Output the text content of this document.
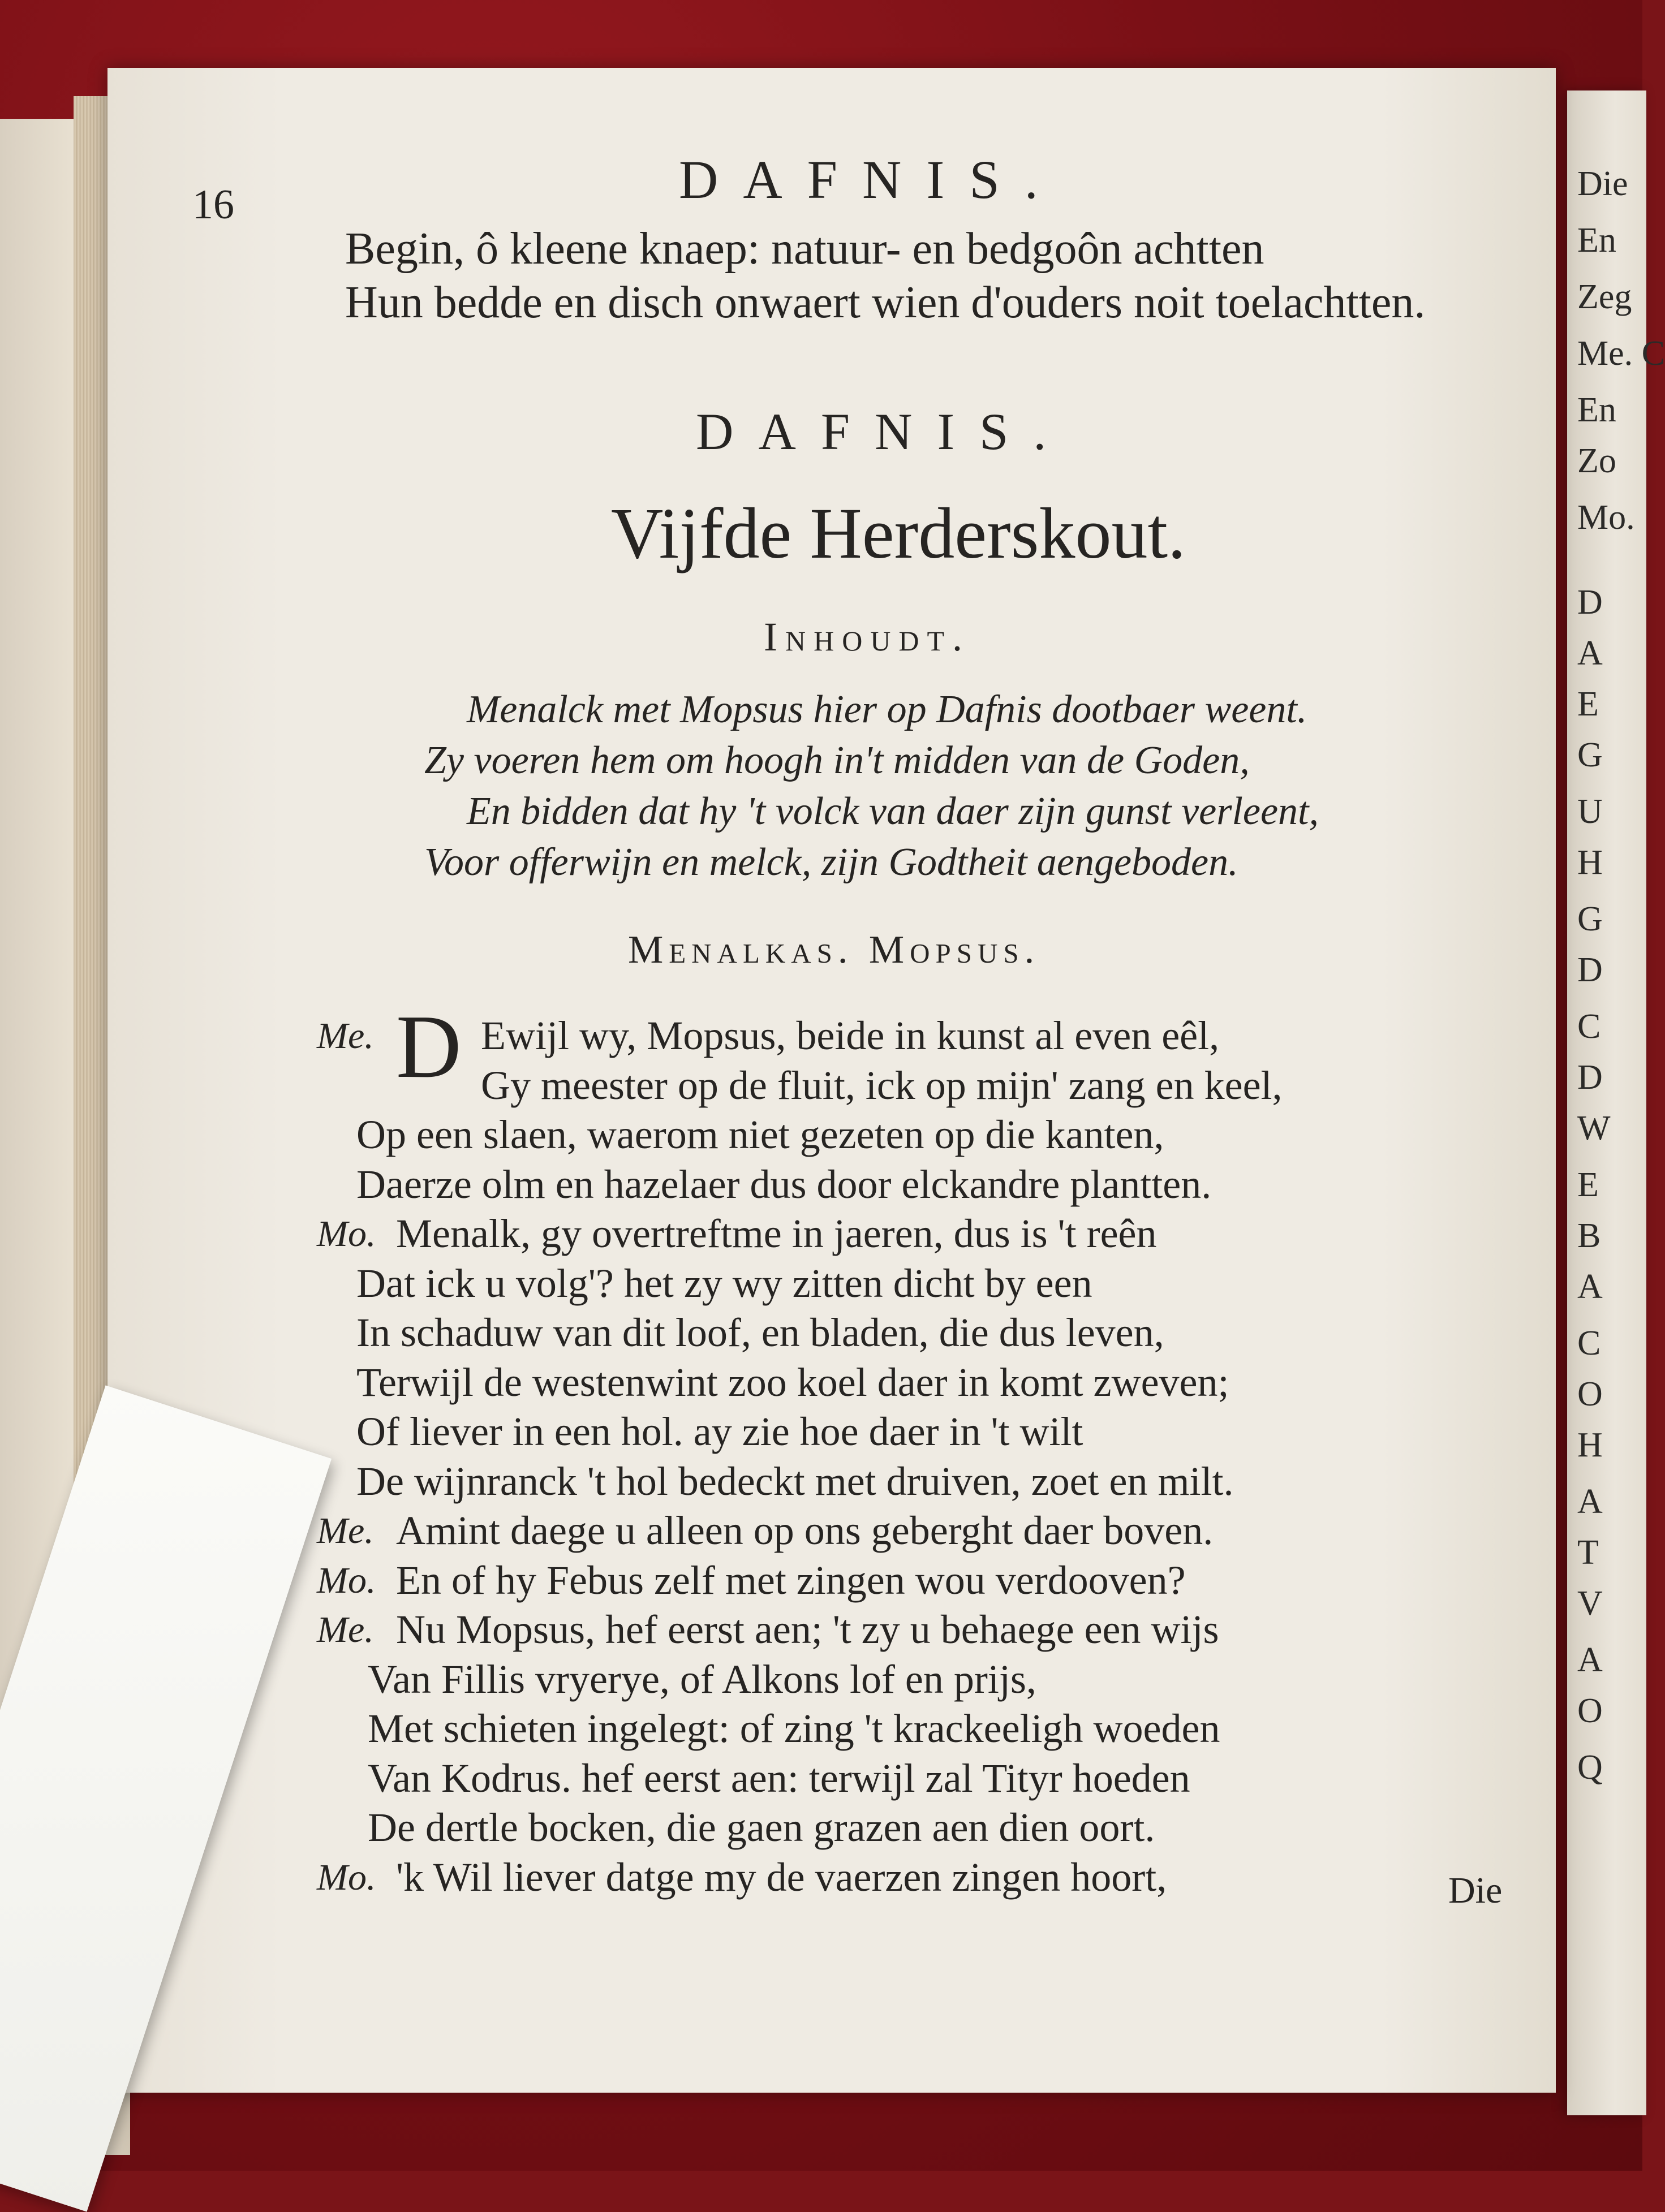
Die
En
Zeg
Me. C
En
Zo
Mo.
D
A
E
G
U
H
G
D
C
D
W
E
B
A
C
O
H
A
T
V
A
O
Q
16	DAFNIS.
Begin, ô kleene knaep: natuur- en bedgoôn achtten
Hun bedde en disch onwaert wien d'ouders noit toelachtten.
DAFNIS.
Vijfde Herderskout.
Inhoudt.
Menalck met Mopsus hier op Dafnis dootbaer weent.
Zy voeren hem om hoogh in't midden van de Goden,
En bidden dat hy 't volck van daer zijn gunst verleent,
Voor offerwijn en melck, zijn Godtheit aengeboden.
Menalkas. Mopsus.
D
Me.	Ewijl wy, Mopsus, beide in kunst al even eêl,
Gy meester op de fluit, ick op mijn' zang en keel,
Op een slaen, waerom niet gezeten op die kanten,
Daerze olm en hazelaer dus door elckandre plantten.
Mo. Menalk, gy overtreftme in jaeren, dus is 't reên
Dat ick u volg'? het zy wy zitten dicht by een
In schaduw van dit loof, en bladen, die dus leven,
Terwijl de westenwint zoo koel daer in komt zweven;
Of liever in een hol. ay zie hoe daer in 't wilt
De wijnranck 't hol bedeckt met druiven, zoet en milt.
Me. Amint daege u alleen op ons geberght daer boven.
Mo. En of hy Febus zelf met zingen wou verdooven?
Me. Nu Mopsus, hef eerst aen; 't zy u behaege een wijs
Van Fillis vryerye, of Alkons lof en prijs,
Met schieten ingelegt: of zing 't krackeeligh woeden
Van Kodrus. hef eerst aen: terwijl zal Tityr hoeden
De dertle bocken, die gaen grazen aen dien oort.
Mo. 'k Wil liever datge my de vaerzen zingen hoort,	Die
